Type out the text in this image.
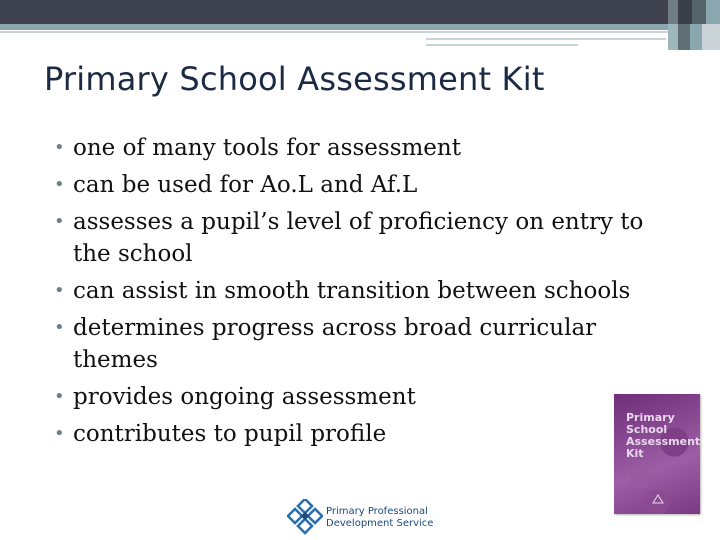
Primary School Assessment Kit
• one of many tools for assessment
• can be used for Ao.L and Af.L
• assesses a pupil’s level of proficiency on entry to the school
• can assist in smooth transition between schools
• determines progress across broad curricular themes
• provides ongoing assessment
• contributes to pupil profile
Primary
School
Assessment
Kit
Primary Professional
Development Service
